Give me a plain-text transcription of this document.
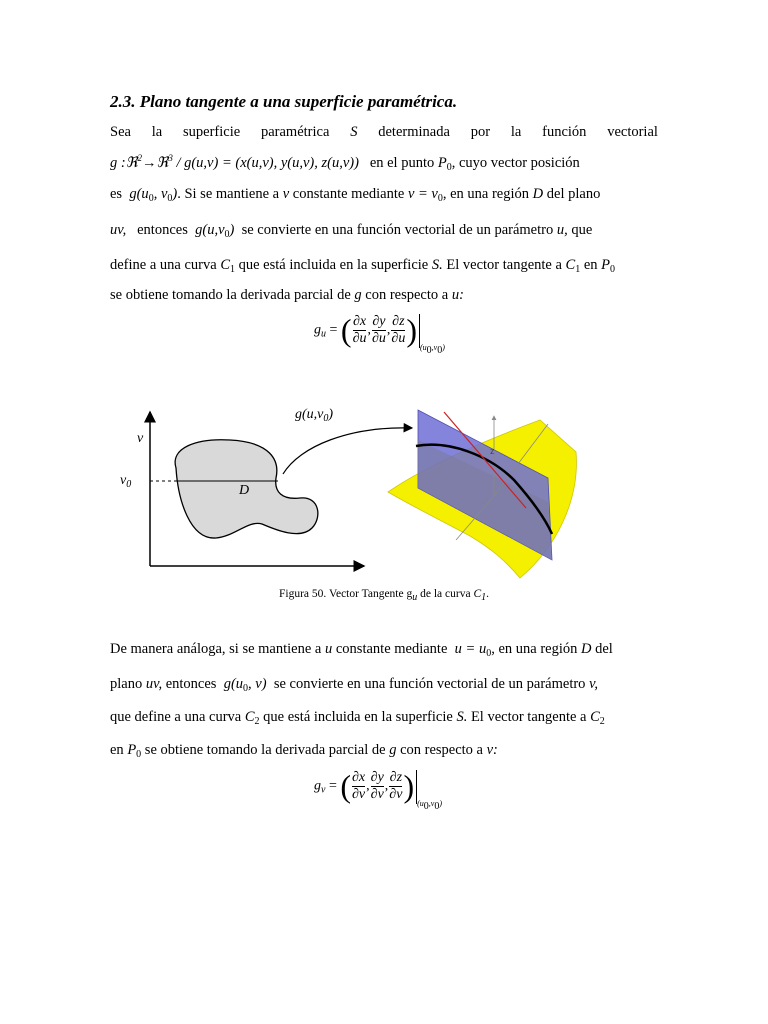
2.3. Plano tangente a una superficie paramétrica.
Sea la superficie paramétrica S determinada por la función vectorial
g :ℜ$^2$→ℜ$^3$ / g(u,v) = (x(u,v), y(u,v), z(u,v)) en el punto $P_0$, cuyo vector posición
es $g(u_0$, $v_0$). Si se mantiene a v constante mediante $v = v_0$, en una región D del plano
uv, entonces $g(u,v_0)$ se convierte en una función vectorial de un parámetro u, que
define a una curva $C_1$ que está incluida en la superficie S. El vector tangente a $C_1$ en $P_0$
se obtiene tomando la derivada parcial de g con respecto a u:
$g_u$ = ( $\frac{\partial x}{\partial u}$ , $\frac{\partial y}{\partial u}$ , $\frac{\partial z}{\partial u}$ ) $_{(u_0,v_0)}$
v
$v_0$	D
$g(u,v_0)$
z
Figura 50. Vector Tangente $g_u$ de la curva $C_1$.
De manera análoga, si se mantiene a u constante mediante $u = u_0$, en una región D del
plano uv, entonces $g(u_0$, v) se convierte en una función vectorial de un parámetro v,
que define a una curva $C_2$ que está incluida en la superficie S. El vector tangente a $C_2$
en $P_0$ se obtiene tomando la derivada parcial de g con respecto a v:
$g_v$ = ( $\frac{\partial x}{\partial v}$ , $\frac{\partial y}{\partial v}$ , $\frac{\partial z}{\partial v}$ ) $_{(u_0,v_0)}$
